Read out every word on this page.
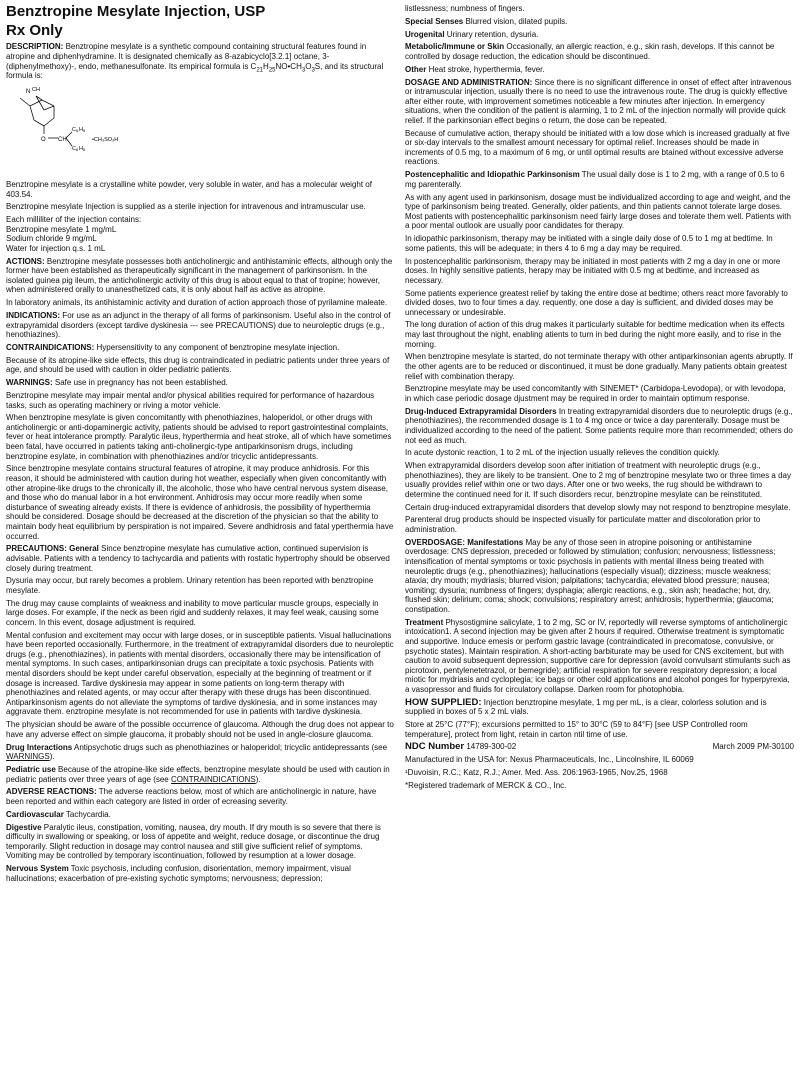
Benztropine Mesylate Injection, USP

Rx Only

DESCRIPTION: Benztropine mesylate is a synthetic compound containing structural features found in atropine and diphenhydramine. It is designated chemically as 8-azabicyclo[3.2.1] octane, 3-(diphenylmethoxy)-, endo, methanesulfonate. Its empirical formula is $C_{21}H_{25}NO•CH_3O_3S$, and its structural formula is:

N CH
O CH
C 6 H 5
C 6 H 5
•CH₃SO₃H

Benztropine mesylate is a crystalline white powder, very soluble in water, and has a molecular weight of 403.54.

Benztropine mesylate Injection is supplied as a sterile injection for intravenous and intramuscular use.

Each milliliter of the injection contains:

Benztropine mesylate 1 mg/mL

Sodium chloride 9 mg/mL

Water for injection q.s. 1 mL

ACTIONS: Benztropine mesylate possesses both anticholinergic and antihistaminic effects, although only the former have been established as therapeutically significant in the management of parkinsonism. In the isolated guinea pig ileum, the anticholinergic activity of this drug is about equal to that of tropine; however, when administered orally to unanesthetized cats, it is only about half as active as atropine.

In laboratory animals, its antihistaminic activity and duration of action approach those of pyrilamine maleate.

INDICATIONS: For use as an adjunct in the therapy of all forms of parkinsonism. Useful also in the control of extrapyramidal disorders (except tardive dyskinesia --- see PRECAUTIONS) due to neuroleptic drugs (e.g., henothiazines).

CONTRAINDICATIONS: Hypersensitivity to any component of benztropine mesylate injection.

Because of its atropine-like side effects, this drug is contraindicated in pediatric patients under three years of age, and should be used with caution in older pediatric patients.

WARNINGS: Safe use in pregnancy has not been established.

Benztropine mesylate may impair mental and/or physical abilities required for performance of hazardous tasks, such as operating machinery or riving a motor vehicle.

When benztropine mesylate is given concomitantly with phenothiazines, haloperidol, or other drugs with anticholinergic or anti-dopaminergic activity, patients should be advised to report gastrointestinal complaints, fever or heat intolerance promptly. Paralytic ileus, hyperthermia and heat stroke, all of which have sometimes been fatal, have occurred in patients taking anti-cholinergic-type antiparkinsonism drugs, including benztropine esylate, in combination with phenothiazines and/or tricyclic antidepressants.

Since benztropine mesylate contains structural features of atropine, it may produce anhidrosis. For this reason, it should be administered with caution during hot weather, especially when given concomitantly with other atropine-like drugs to the chronically ill, the alcoholic, those who have central nervous system disease, and those who do manual labor in a hot environment. Anhidrosis may occur more readily when some disturbance of sweating already exists. If there is evidence of anhidrosis, the possibility of hyperthermia should be considered. Dosage should be decreased at the discretion of the physician so that the ability to maintain body heat equilibrium by perspiration is not impaired. Severe andhidrosis and fatal yperthermia have occurred.

PRECAUTIONS: General Since benztropine mesylate has cumulative action, continued supervision is advisable. Patients with a tendency to tachycardia and patients with rostatic hypertrophy should be observed closely during treatment.

Dysuria may occur, but rarely becomes a problem. Urinary retention has been reported with benztropine mesylate.

The drug may cause complaints of weakness and inability to move particular muscle groups, especially in large doses. For example, if the neck as been rigid and suddenly relaxes, it may feel weak, causing some concern. In this event, dosage adjustment is required.

Mental confusion and excitement may occur with large doses, or in susceptible patients. Visual hallucinations have been reported occasionally. Furthermore, in the treatment of extrapyramidal disorders due to neuroleptic drugs (e.g., phenothiazines), in patients with mental disorders, occasionally there may be intensification of mental symptoms. In such cases, antiparkinsonian drugs can precipitate a toxic psychosis. Patients with mental disorders should be kept under careful observation, especially at the beginning of treatment or if dosage is increased. Tardive dyskinesia may appear in some patients on long-term therapy with phenothiazines and related agents, or may occur after therapy with these drugs has been discontinued. Antiparkinsonism agents do not alleviate the symptoms of tardive dyskinesia, and in some instances may aggravate them. enztropine mesylate is not recommended for use in patients with tardive dyskinesia.

The physician should be aware of the possible occurrence of glaucoma. Although the drug does not appear to have any adverse effect on simple glaucoma, it probably should not be used in angle-closure glaucoma.

Drug Interactions Antipsychotic drugs such as phenothiazines or haloperidol; tricyclic antidepressants (see WARNINGS).

Pediatric use Because of the atropine-like side effects, benztropine mesylate should be used with caution in pediatric patients over three years of age (see CONTRAINDICATIONS).

ADVERSE REACTIONS: The adverse reactions below, most of which are anticholinergic in nature, have been reported and within each category are listed in order of ecreasing severity.

Cardiovascular Tachycardia.

Digestive Paralytic ileus, constipation, vomiting, nausea, dry mouth. If dry mouth is so severe that there is difficulty in swallowing or speaking, or loss of appetite and weight, reduce dosage, or discontinue the drug temporarily. Slight reduction in dosage may control nausea and still give sufficient relief of symptoms. Vomiting may be controlled by temporary iscontinuation, followed by resumption at a lower dosage.

Nervous System Toxic psychosis, including confusion, disorientation, memory impairment, visual hallucinations; exacerbation of pre-existing sychotic symptoms; nervousness; depression;

listlessness; numbness of fingers.

Special Senses Blurred vision, dilated pupils.

Urogenital Urinary retention, dysuria.

Metabolic/Immune or Skin Occasionally, an allergic reaction, e.g., skin rash, develops. If this cannot be controlled by dosage reduction, the edication should be discontinued.

Other Heat stroke, hyperthermia, fever.

DOSAGE AND ADMINISTRATION: Since there is no significant difference in onset of effect after intravenous or intramuscular injection, usually there is no need to use the intravenous route. The drug is quickly effective after either route, with improvement sometimes noticeable a few minutes after injection. In emergency situations, when the condition of the patient is alarming, 1 to 2 mL of the injection normally will provide quick relief. If the parkinsonian effect begins o return, the dose can be repeated.

Because of cumulative action, therapy should be initiated with a low dose which is increased gradually at five or six-day intervals to the smallest amount necessary for optimal relief. Increases should be made in increments of 0.5 mg, to a maximum of 6 mg, or until optimal results are btained without excessive adverse reactions.

Postencephalitic and Idiopathic Parkinsonism The usual daily dose is 1 to 2 mg, with a range of 0.5 to 6 mg parenterally.

As with any agent used in parkinsonism, dosage must be individualized according to age and weight, and the type of parkinsonism being treated. Generally, older patients, and thin patients cannot tolerate large doses. Most patients with postencephalitic parkinsonism need fairly large doses and tolerate them well. Patients with a poor mental outlook are usually poor candidates for therapy.

In idiopathic parkinsonism, therapy may be initiated with a single daily dose of 0.5 to 1 mg at bedtime. In some patients, this will be adequate; in thers 4 to 6 mg a day may be required.

In postencephalitic parkinsonism, therapy may be initiated in most patients with 2 mg a day in one or more doses. In highly sensitive patients, herapy may be initiated with 0.5 mg at bedtime, and increased as necessary.

Some patients experience greatest relief by taking the entire dose at bedtime; others react more favorably to divided doses, two to four times a day. requently, one dose a day is sufficient, and divided doses may be unnecessary or undesirable.

The long duration of action of this drug makes it particularly suitable for bedtime medication when its effects may last throughout the night, enabling atients to turn in bed during the night more easily, and to rise in the morning.

When benztropine mesylate is started, do not terminate therapy with other antiparkinsonian agents abruptly. If the other agents are to be reduced or discontinued, it must be done gradually. Many patients obtain greatest relief with combination therapy.

Benztropine mesylate may be used concomitantly with SINEMET* (Carbidopa-Levodopa), or with levodopa, in which case periodic dosage djustment may be required in order to maintain optimum response.

Drug-Induced Extrapyramidal Disorders In treating extrapyramidal disorders due to neuroleptic drugs (e.g., phenothiazines), the recommended dosage is 1 to 4 mg once or twice a day parenterally. Dosage must be individualized according to the need of the patient. Some patients require more than recommended; others do not eed as much.

In acute dystonic reaction, 1 to 2 mL of the injection usually relieves the condition quickly.

When extrapyramidal disorders develop soon after initiation of treatment with neuroleptic drugs (e.g., phenothiazines), they are likely to be transient. One to 2 mg of benztropine mesylate two or three times a day usually provides relief within one or two days. After one or two weeks, the rug should be withdrawn to determine the continued need for it. If such disorders recur, benztropine mesylate can be reinstituted.

Certain drug-induced extrapyramidal disorders that develop slowly may not respond to benztropine mesylate.

Parenteral drug products should be inspected visually for particulate matter and discoloration prior to administration.

OVERDOSAGE: Manifestations May be any of those seen in atropine poisoning or antihistamine overdosage: CNS depression, preceded or followed by stimulation; confusion; nervousness; listlessness; intensification of mental symptoms or toxic psychosis in patients with mental illness being treated with neuroleptic drugs (e.g., phenothiazines); hallucinations (especially visual); dizziness; muscle weakness; ataxia; dry mouth; mydriasis; blurred vision; palpitations; tachycardia; elevated blood pressure; nausea; vomiting; dysuria; numbness of fingers; dysphagia; allergic reactions, e.g., skin ash; headache; hot, dry, flushed skin; delirium; coma; shock; convulsions; respiratory arrest; anhidrosis; hyperthermia; glaucoma; constipation.

Treatment Physostigmine salicylate, 1 to 2 mg, SC or IV, reportedly will reverse symptoms of anticholinergic intoxication1. A second injection may be given after 2 hours if required. Otherwise treatment is symptomatic and supportive. Induce emesis or perform gastric lavage (contraindicated in precomatose, convulsive, or psychotic states). Maintain respiration. A short-acting barbiturate may be used for CNS excitement, but with caution to avoid subsequent depression; supportive care for depression (avoid convulsant stimulants such as picrotoxin, pentylenetetrazol, or bemegride); artificial respiration for severe respiratory depression; a local miotic for mydriasis and cycloplegia; ice bags or other cold applications and alcohol ponges for hyperpyrexia, a vasopressor and fluids for circulatory collapse. Darken room for photophobia.

HOW SUPPLIED: Injection benztropine mesylate, 1 mg per mL, is a clear, colorless solution and is supplied in boxes of 5 x 2 mL vials.

Store at 25°C (77°F); excursions permitted to 15° to 30°C (59 to 84°F) [see USP Controlled room temperature], protect from light, retain in carton ntil time of use.

NDC Number 14789-300-02	March 2009 PM-30100

Manufactured in the USA for: Nexus Pharmaceuticals, Inc., Lincolnshire, IL 60069

¹Duvoisin, R.C.; Katz, R.J.; Amer. Med. Ass. 206:1963-1965, Nov.25, 1968

*Registered trademark of MERCK & CO., Inc.
